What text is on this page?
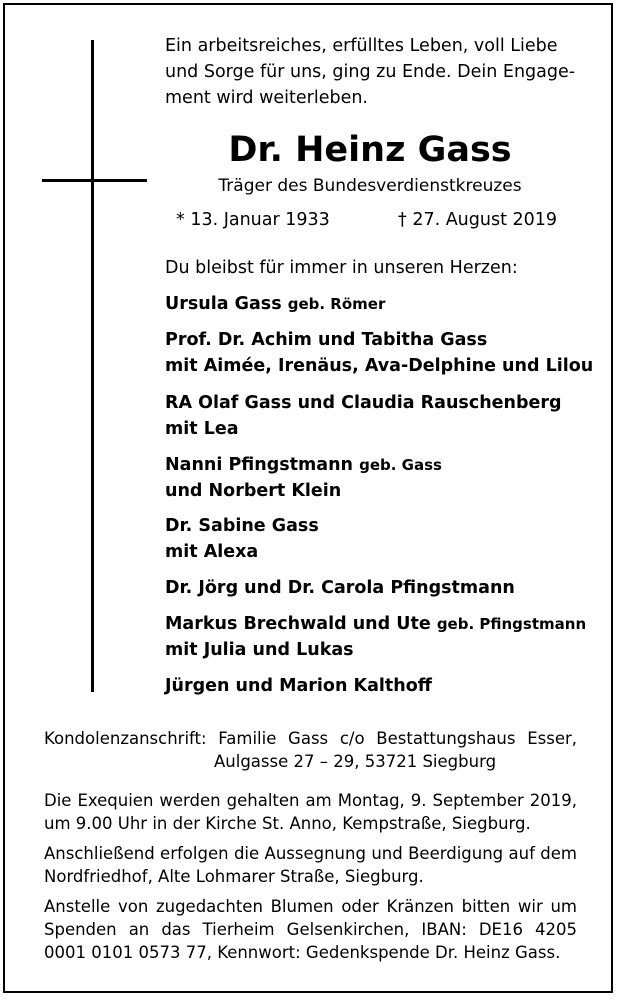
Ein arbeitsreiches, erfülltes Leben, voll Liebe
und Sorge für uns, ging zu Ende. Dein Engage-
ment wird weiterleben.
Dr. Heinz Gass
Träger des Bundesverdienstkreuzes
* 13. Januar 1933	† 27. August 2019
Du bleibst für immer in unseren Herzen:
Ursula Gass geb. Römer
Prof. Dr. Achim und Tabitha Gass
mit Aimée, Irenäus, Ava-Delphine und Lilou
RA Olaf Gass und Claudia Rauschenberg
mit Lea
Nanni Pfingstmann geb. Gass
und Norbert Klein
Dr. Sabine Gass
mit Alexa
Dr. Jörg und Dr. Carola Pfingstmann
Markus Brechwald und Ute geb. Pfingstmann
mit Julia und Lukas
Jürgen und Marion Kalthoff
Kondolenzanschrift: Familie Gass c/o Bestattungshaus Esser,
Aulgasse 27 – 29, 53721 Siegburg
Die Exequien werden gehalten am Montag, 9. September 2019,
um 9.00 Uhr in der Kirche St. Anno, Kempstraße, Siegburg.
Anschließend erfolgen die Aussegnung und Beerdigung auf dem
Nordfriedhof, Alte Lohmarer Straße, Siegburg.
Anstelle von zugedachten Blumen oder Kränzen bitten wir um
Spenden an das Tierheim Gelsenkirchen, IBAN: DE16 4205
0001 0101 0573 77, Kennwort: Gedenkspende Dr. Heinz Gass.
